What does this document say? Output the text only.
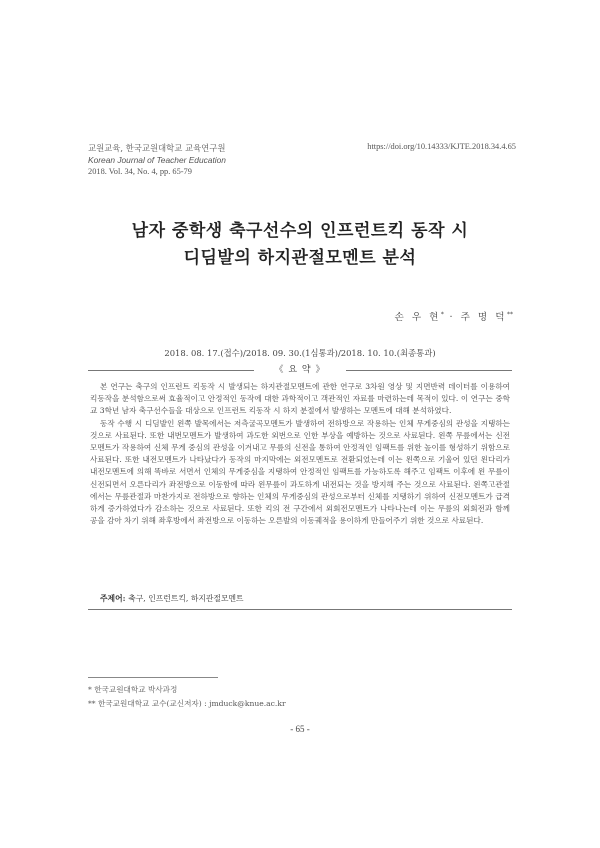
교원교육, 한국교원대학교 교육연구원
Korean Journal of Teacher Education
2018. Vol. 34, No. 4, pp. 65-79
https://doi.org/10.14333/KJTE.2018.34.4.65
남자 중학생 축구선수의 인프런트킥 동작 시
디딤발의 하지관절모멘트 분석
손 우 현* · 주 명 덕**
2018. 08. 17.(접수)/2018. 09. 30.(1심통과)/2018. 10. 10.(최종통과)
《 요 약 》

본 연구는 축구의 인프런트 킥동작 시 발생되는 하지관절모멘트에 관한 연구로 3차원 영상 및 지면반력 데이터를 이용하여 킥동작을 분석함으로써 효율적이고 안정적인 동작에 대한 과학적이고 객관적인 자료를 마련하는데 목적이 있다. 이 연구는 중학교 3학년 남자 축구선수들을 대상으로 인프런트 킥동작 시 하지 분절에서 발생하는 모멘트에 대해 분석하였다.

동작 수행 시 디딤발인 왼쪽 발목에서는 저측굴곡모멘트가 발생하여 전하방으로 작용하는 인체 무게중심의 관성을 지탱하는 것으로 사료된다. 또한 내번모멘트가 발생하여 과도한 외번으로 인한 부상을 예방하는 것으로 사료된다. 왼쪽 무릎에서는 신전모멘트가 작용하여 신체 무게 중심의 관성을 이겨내고 무릎의 신전을 통하여 안정적인 임팩트를 위한 높이를 형성하기 위함으로 사료된다. 또한 내전모멘트가 나타났다가 동작의 마지막에는 외전모멘트로 전환되었는데 이는 왼쪽으로 기울어 있던 왼다리가 내전모멘트에 의해 똑바로 서면서 인체의 무게중심을 지탱하여 안정적인 임팩트를 가능하도록 해주고 임팩트 이후에 왼 무릎이 신전되면서 오른다리가 좌전방으로 이동함에 따라 왼무릎이 과도하게 내전되는 것을 방지해 주는 것으로 사료된다. 왼쪽고관절에서는 무릎관절과 마찬가지로 전하방으로 향하는 인체의 무게중심의 관성으로부터 신체를 지탱하기 위하여 신전모멘트가 급격하게 증가하였다가 감소하는 것으로 사료된다. 또한 킥의 전 구간에서 외회전모멘트가 나타나는데 이는 무릎의 외회전과 함께 공을 감아 차기 위해 좌후방에서 좌전방으로 이동하는 오른발의 이동궤적을 용이하게 만들어주기 위한 것으로 사료된다.

주제어: 축구, 인프런트킥, 하지관절모멘트
* 한국교원대학교 박사과정
** 한국교원대학교 교수(교신저자) : jmduck@knue.ac.kr
- 65 -
